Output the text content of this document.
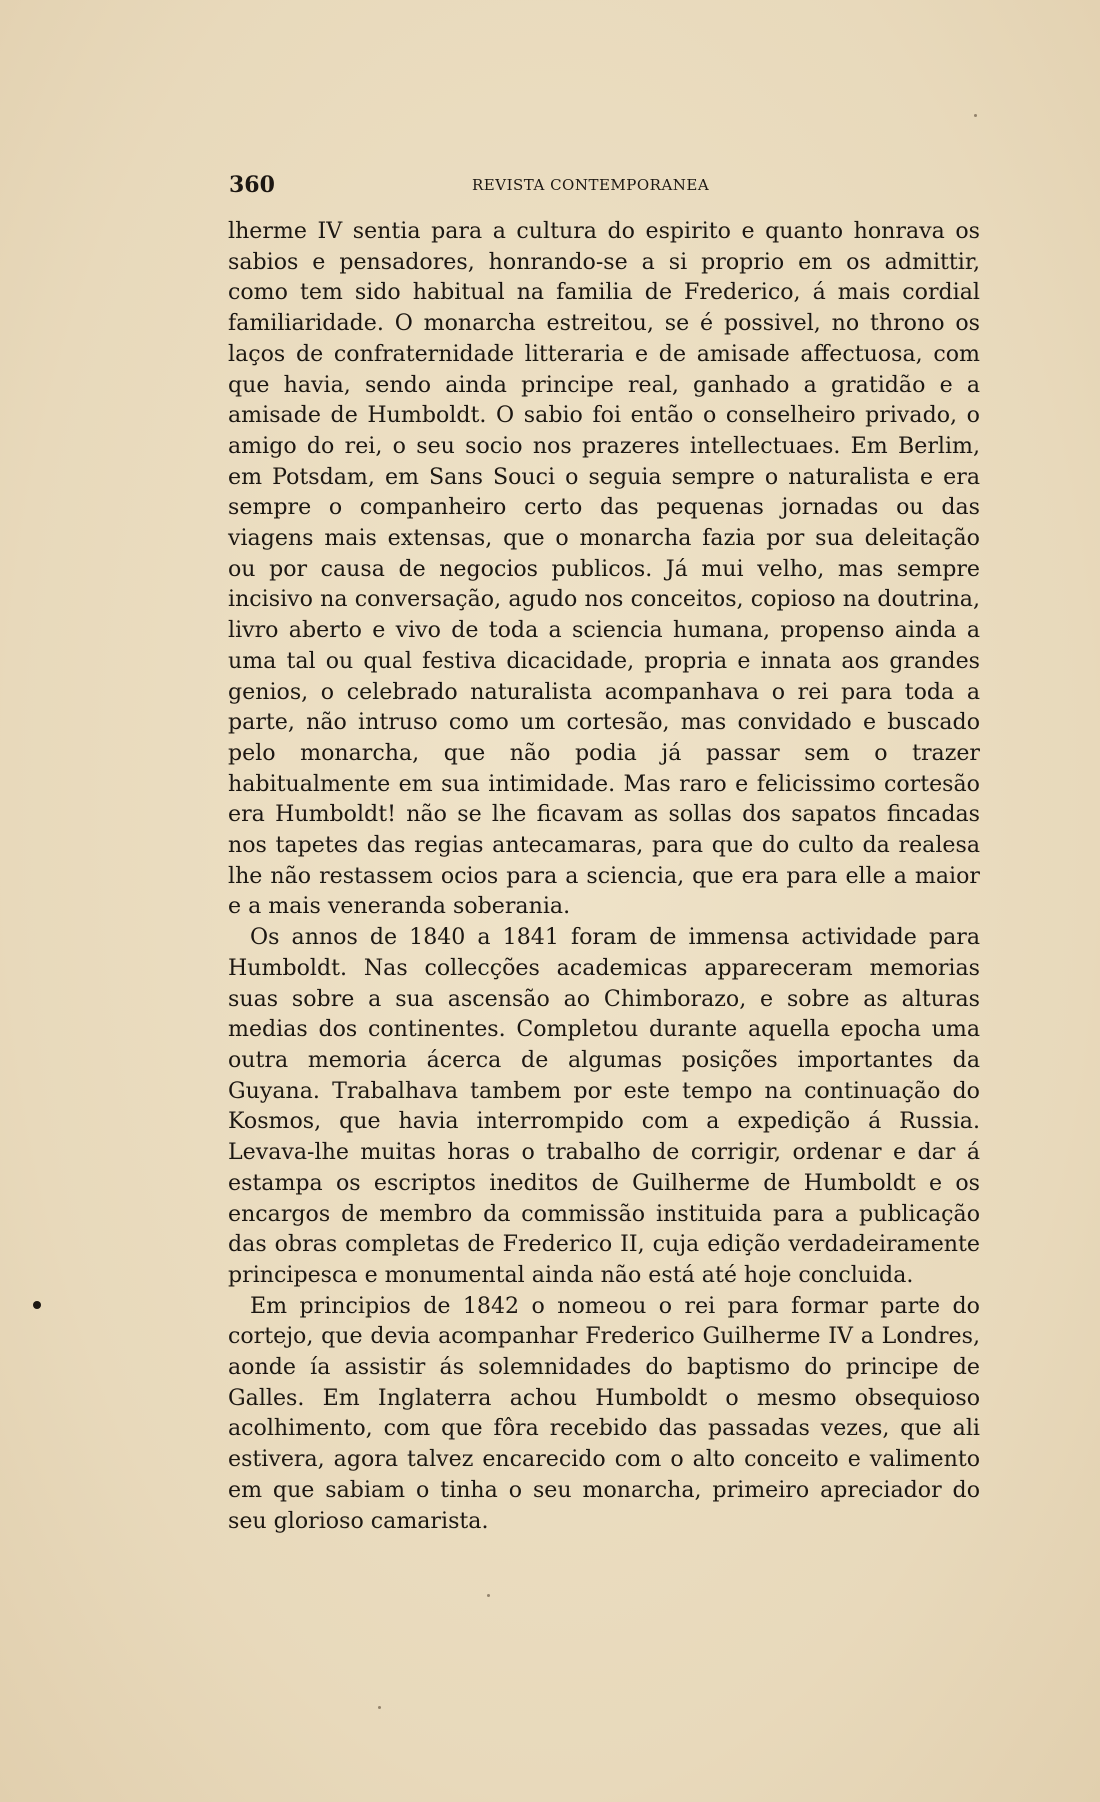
360	REVISTA CONTEMPORANEA

lherme IV sentia para a cultura do espirito e quanto honrava os sabios e pensadores, honrando-se a si proprio em os admittir, como tem sido habitual na familia de Frederico, á mais cordial familiaridade. O monarcha estreitou, se é possivel, no throno os laços de confraternidade litteraria e de amisade affectuosa, com que havia, sendo ainda principe real, ganhado a gratidão e a amisade de Humboldt. O sabio foi então o conselheiro privado, o amigo do rei, o seu socio nos prazeres intellectuaes. Em Berlim, em Potsdam, em Sans Souci o seguia sempre o naturalista e era sempre o companheiro certo das pequenas jornadas ou das viagens mais extensas, que o monarcha fazia por sua deleitação ou por causa de negocios publicos. Já mui velho, mas sempre incisivo na conversação, agudo nos conceitos, copioso na doutrina, livro aberto e vivo de toda a sciencia humana, propenso ainda a uma tal ou qual festiva dicacidade, propria e innata aos grandes genios, o celebrado naturalista acompanhava o rei para toda a parte, não intruso como um cortesão, mas convidado e buscado pelo monarcha, que não podia já passar sem o trazer habitualmente em sua intimidade. Mas raro e felicissimo cortesão era Humboldt! não se lhe ficavam as sollas dos sapatos fincadas nos tapetes das regias antecamaras, para que do culto da realesa lhe não restassem ocios para a sciencia, que era para elle a maior e a mais veneranda soberania.

Os annos de 1840 a 1841 foram de immensa actividade para Humboldt. Nas collecções academicas appareceram memorias suas sobre a sua ascensão ao Chimborazo, e sobre as alturas medias dos continentes. Completou durante aquella epocha uma outra memoria ácerca de algumas posições importantes da Guyana. Trabalhava tambem por este tempo na continuação do Kosmos, que havia interrompido com a expedição á Russia. Levava-lhe muitas horas o trabalho de corrigir, ordenar e dar á estampa os escriptos ineditos de Guilherme de Humboldt e os encargos de membro da commissão instituida para a publicação das obras completas de Frederico II, cuja edição verdadeiramente principesca e monumental ainda não está até hoje concluida.

Em principios de 1842 o nomeou o rei para formar parte do cortejo, que devia acompanhar Frederico Guilherme IV a Londres, aonde ía assistir ás solemnidades do baptismo do principe de Galles. Em Inglaterra achou Humboldt o mesmo obsequioso acolhimento, com que fôra recebido das passadas vezes, que ali estivera, agora talvez encarecido com o alto conceito e valimento em que sabiam o tinha o seu monarcha, primeiro apreciador do seu glorioso camarista.
